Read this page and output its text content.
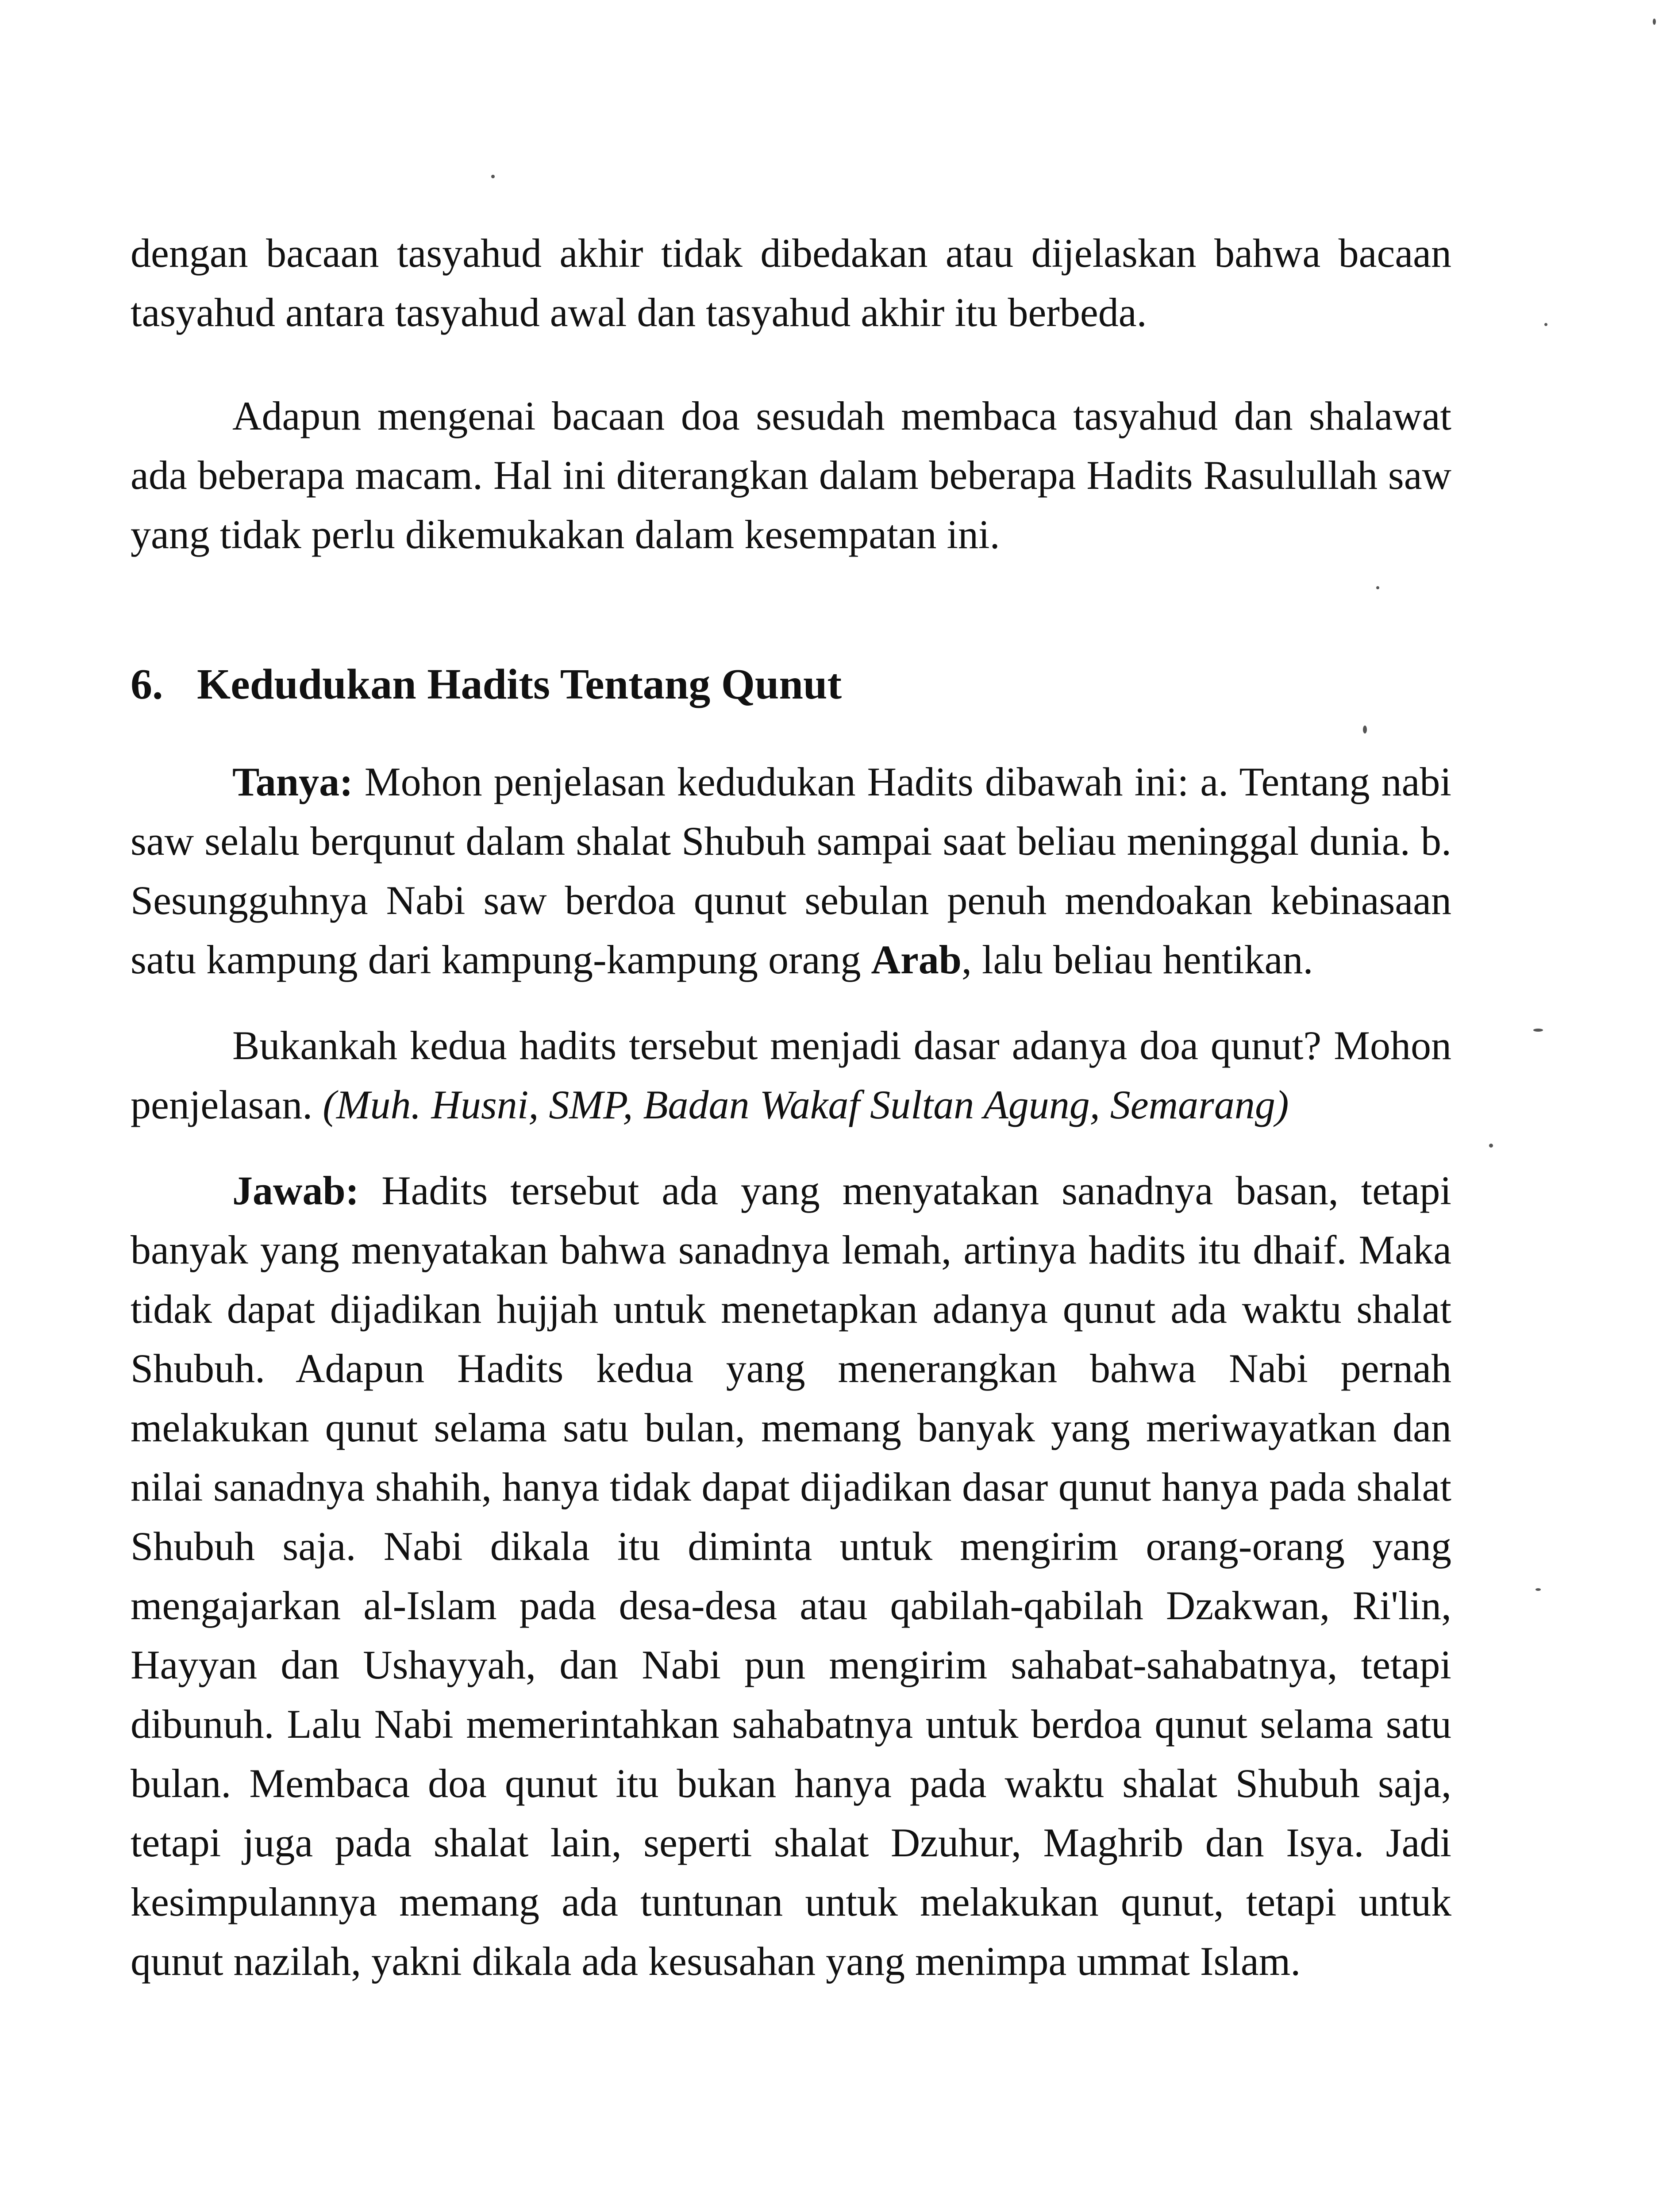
dengan bacaan tasyahud akhir tidak dibedakan atau dijelaskan bahwa bacaan tasyahud antara tasyahud awal dan tasyahud akhir itu berbeda.

Adapun mengenai bacaan doa sesudah membaca tasyahud dan shalawat ada beberapa macam. Hal ini diterangkan dalam beberapa Hadits Rasulullah saw yang tidak perlu dikemukakan dalam kesempatan ini.

6. Kedudukan Hadits Tentang Qunut

Tanya: Mohon penjelasan kedudukan Hadits dibawah ini: a. Tentang nabi saw selalu berqunut dalam shalat Shubuh sampai saat beliau meninggal dunia. b. Sesungguhnya Nabi saw berdoa qunut sebulan penuh mendoakan kebinasaan satu kampung dari kampung-kampung orang Arab, lalu beliau hentikan.

Bukankah kedua hadits tersebut menjadi dasar adanya doa qunut? Mohon penjelasan. (Muh. Husni, SMP, Badan Wakaf Sultan Agung, Semarang)

Jawab: Hadits tersebut ada yang menyatakan sanadnya basan, tetapi banyak yang menyatakan bahwa sanadnya lemah, artinya hadits itu dhaif. Maka tidak dapat dijadikan hujjah untuk menetapkan adanya qunut ada waktu shalat Shubuh. Adapun Hadits kedua yang menerangkan bahwa Nabi pernah melakukan qunut selama satu bulan, memang banyak yang meriwayatkan dan nilai sanadnya shahih, hanya tidak dapat dijadikan dasar qunut hanya pada shalat Shubuh saja. Nabi dikala itu diminta untuk mengirim orang-orang yang mengajarkan al-Islam pada desa-desa atau qabilah-qabilah Dzakwan, Ri'lin, Hayyan dan Ushayyah, dan Nabi pun mengirim sahabat-sahabatnya, tetapi dibunuh. Lalu Nabi memerintahkan sahabatnya untuk berdoa qunut selama satu bulan. Membaca doa qunut itu bukan hanya pada waktu shalat Shubuh saja, tetapi juga pada shalat lain, seperti shalat Dzuhur, Maghrib dan Isya. Jadi kesimpulannya memang ada tuntunan untuk melakukan qunut, tetapi untuk qunut nazilah, yakni dikala ada kesusahan yang menimpa ummat Islam.
